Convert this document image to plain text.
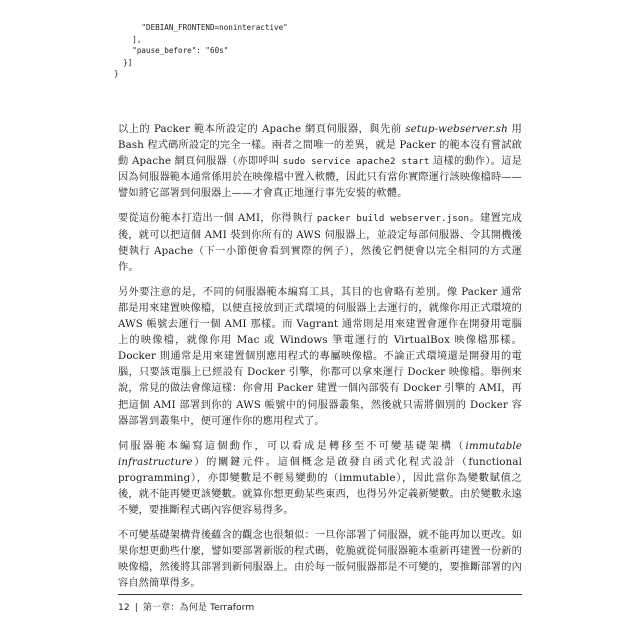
"DEBIAN_FRONTEND=noninteractive"
],
"pause_before": "60s"
}]
}

以上的 Packer 範本所設定的 Apache 網頁伺服器，與先前 setup-webserver.sh 用 Bash 程式碼所設定的完全一樣。兩者之間唯一的差異，就是 Packer 的範本沒有嘗試啟動 Apache 網頁伺服器（亦即呼叫 sudo service apache2 start 這樣的動作）。這是因為伺服器範本通常係用於在映像檔中置入軟體，因此只有當你實際運行該映像檔時——譬如將它部署到伺服器上——才會真正地運行事先安裝的軟體。

要從這份範本打造出一個 AMI，你得執行 packer build webserver.json。建置完成後，就可以把這個 AMI 裝到你所有的 AWS 伺服器上，並設定每部伺服器、令其開機後便執行 Apache（下一小節便會看到實際的例子），然後它們便會以完全相同的方式運作。

另外要注意的是，不同的伺服器範本編寫工具，其目的也會略有差別。像 Packer 通常都是用來建置映像檔，以便直接放到正式環境的伺服器上去運行的，就像你用正式環境的 AWS 帳號去運行一個 AMI 那樣。而 Vagrant 通常則是用來建置會運作在開發用電腦上的映像檔，就像你用 Mac 或 Windows 筆電運行的 VirtualBox 映像檔那樣。Docker 則通常是用來建置個別應用程式的專屬映像檔。不論正式環境還是開發用的電腦，只要該電腦上已經設有 Docker 引擎，你都可以拿來運行 Docker 映像檔。舉例來說，常見的做法會像這樣：你會用 Packer 建置一個內部裝有 Docker 引擎的 AMI，再把這個 AMI 部署到你的 AWS 帳號中的伺服器叢集，然後就只需將個別的 Docker 容器部署到叢集中，便可運作你的應用程式了。

伺服器範本編寫這個動作，可以看成是轉移至不可變基礎架構（immutable infrastructure）的關鍵元件。這個概念是啟發自函式化程式設計（functional programming），亦即變數是不輕易變動的（immutable），因此當你為變數賦值之後，就不能再變更該變數。就算你想更動某些東西，也得另外定義新變數。由於變數永遠不變，要推斷程式碼內容便容易得多。

不可變基礎架構背後蘊含的觀念也很類似：一旦你部署了伺服器，就不能再加以更改。如果你想更動些什麼，譬如要部署新版的程式碼，乾脆就從伺服器範本重新再建置一份新的映像檔，然後將其部署到新伺服器上。由於每一版伺服器都是不可變的，要推斷部署的內容自然簡單得多。

12 | 第一章：為何是 Terraform
